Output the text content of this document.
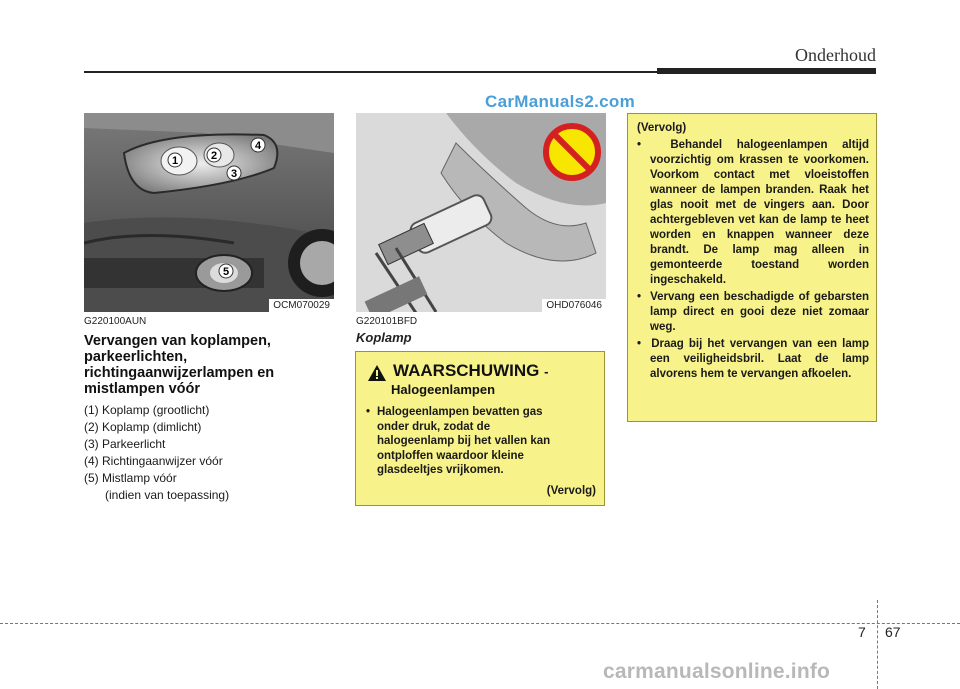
Onderhoud
CarManuals2.com
1	2
3
4
5
OCM070029	OHD076046
G220100AUN
Vervangen van koplampen, parkeerlichten, richtingaanwijzerlampen en mistlampen vóór
(1) Koplamp (grootlicht)
(2) Koplamp (dimlicht)
(3) Parkeerlicht
(4) Richtingaanwijzer vóór
(5) Mistlamp vóór
(indien van toepassing)
G220101BFD
Koplamp
WAARSCHUWING -
Halogeenlampen
• Halogeenlampen bevatten gas
onder druk, zodat de
halogeenlamp bij het vallen kan
ontploffen waardoor kleine
glasdeeltjes vrijkomen.
(Vervolg)
(Vervolg)
•  Behandel halogeenlampen altijd voorzichtig om krassen te voorkomen. Voorkom contact met vloeistoffen wanneer de lampen branden. Raak het glas nooit met de vingers aan. Door achtergebleven vet kan de lamp te heet worden en knappen wanneer deze brandt. De lamp mag alleen in gemonteerde toestand worden ingeschakeld.
•  Vervang een beschadigde of gebarsten lamp direct en gooi deze niet zomaar weg.
•  Draag bij het vervangen van een lamp een veiligheidsbril. Laat de lamp alvorens hem te vervangen afkoelen.
7 67
carmanualsonline.info
